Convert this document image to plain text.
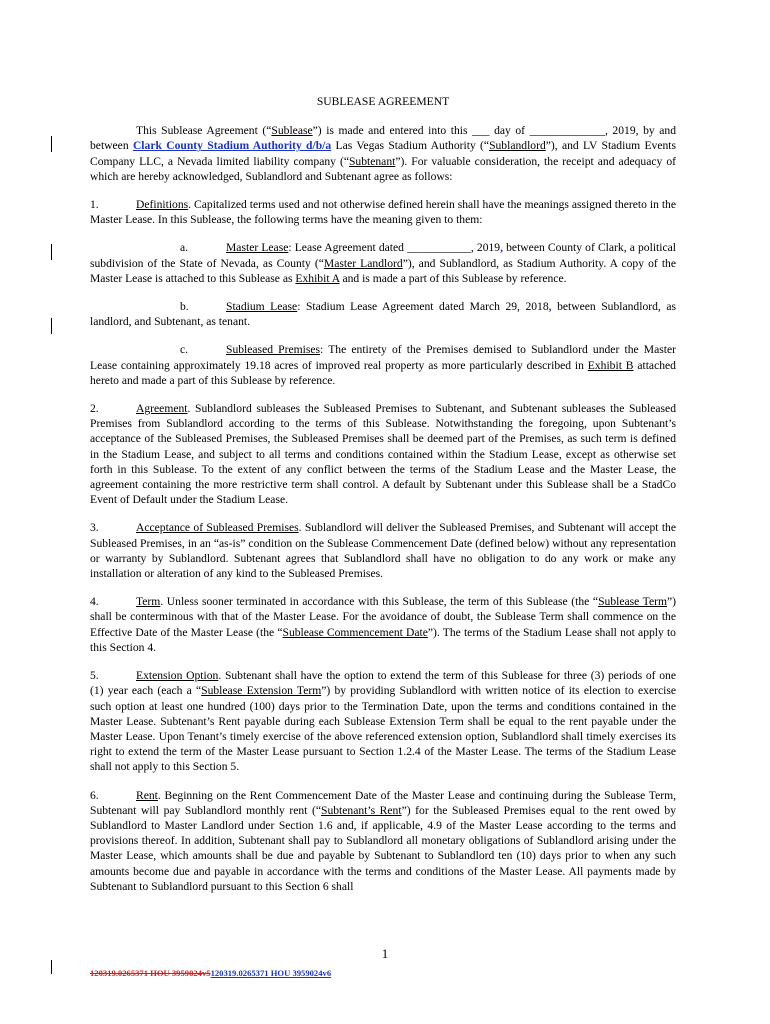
SUBLEASE AGREEMENT

This Sublease Agreement (“Sublease”) is made and entered into this ___ day of _____________, 2019, by and between Clark County Stadium Authority d/b/a Las Vegas Stadium Authority (“Sublandlord”), and LV Stadium Events Company LLC, a Nevada limited liability company (“Subtenant”). For valuable consideration, the receipt and adequacy of which are hereby acknowledged, Sublandlord and Subtenant agree as follows:

1.	Definitions. Capitalized terms used and not otherwise defined herein shall have the meanings assigned thereto in the Master Lease. In this Sublease, the following terms have the meaning given to them:

a.	Master Lease: Lease Agreement dated ___________, 2019, between County of Clark, a political subdivision of the State of Nevada, as County (“Master Landlord”), and Sublandlord, as Stadium Authority. A copy of the Master Lease is attached to this Sublease as Exhibit A and is made a part of this Sublease by reference.

b.	Stadium Lease: Stadium Lease Agreement dated March 29, 2018, between Sublandlord, as landlord, and Subtenant, as tenant.

c.	Subleased Premises: The entirety of the Premises demised to Sublandlord under the Master Lease containing approximately 19.18 acres of improved real property as more particularly described in Exhibit B attached hereto and made a part of this Sublease by reference.

2.	Agreement. Sublandlord subleases the Subleased Premises to Subtenant, and Subtenant subleases the Subleased Premises from Sublandlord according to the terms of this Sublease. Notwithstanding the foregoing, upon Subtenant’s acceptance of the Subleased Premises, the Subleased Premises shall be deemed part of the Premises, as such term is defined in the Stadium Lease, and subject to all terms and conditions contained within the Stadium Lease, except as otherwise set forth in this Sublease. To the extent of any conflict between the terms of the Stadium Lease and the Master Lease, the agreement containing the more restrictive term shall control. A default by Subtenant under this Sublease shall be a StadCo Event of Default under the Stadium Lease.

3.	Acceptance of Subleased Premises. Sublandlord will deliver the Subleased Premises, and Subtenant will accept the Subleased Premises, in an “as-is” condition on the Sublease Commencement Date (defined below) without any representation or warranty by Sublandlord. Subtenant agrees that Sublandlord shall have no obligation to do any work or make any installation or alteration of any kind to the Subleased Premises.

4.	Term. Unless sooner terminated in accordance with this Sublease, the term of this Sublease (the “Sublease Term”) shall be conterminous with that of the Master Lease. For the avoidance of doubt, the Sublease Term shall commence on the Effective Date of the Master Lease (the “Sublease Commencement Date”). The terms of the Stadium Lease shall not apply to this Section 4.

5.	Extension Option. Subtenant shall have the option to extend the term of this Sublease for three (3) periods of one (1) year each (each a “Sublease Extension Term”) by providing Sublandlord with written notice of its election to exercise such option at least one hundred (100) days prior to the Termination Date, upon the terms and conditions contained in the Master Lease. Subtenant’s Rent payable during each Sublease Extension Term shall be equal to the rent payable under the Master Lease. Upon Tenant’s timely exercise of the above referenced extension option, Sublandlord shall timely exercises its right to extend the term of the Master Lease pursuant to Section 1.2.4 of the Master Lease. The terms of the Stadium Lease shall not apply to this Section 5.

6.	Rent. Beginning on the Rent Commencement Date of the Master Lease and continuing during the Sublease Term, Subtenant will pay Sublandlord monthly rent (“Subtenant’s Rent”) for the Subleased Premises equal to the rent owed by Sublandlord to Master Landlord under Section 1.6 and, if applicable, 4.9 of the Master Lease according to the terms and provisions thereof. In addition, Subtenant shall pay to Sublandlord all monetary obligations of Sublandlord arising under the Master Lease, which amounts shall be due and payable by Subtenant to Sublandlord ten (10) days prior to when any such amounts become due and payable in accordance with the terms and conditions of the Master Lease. All payments made by Subtenant to Sublandlord pursuant to this Section 6 shall

1
120319.0265371 HOU 3959024v5120319.0265371 HOU 3959024v6
